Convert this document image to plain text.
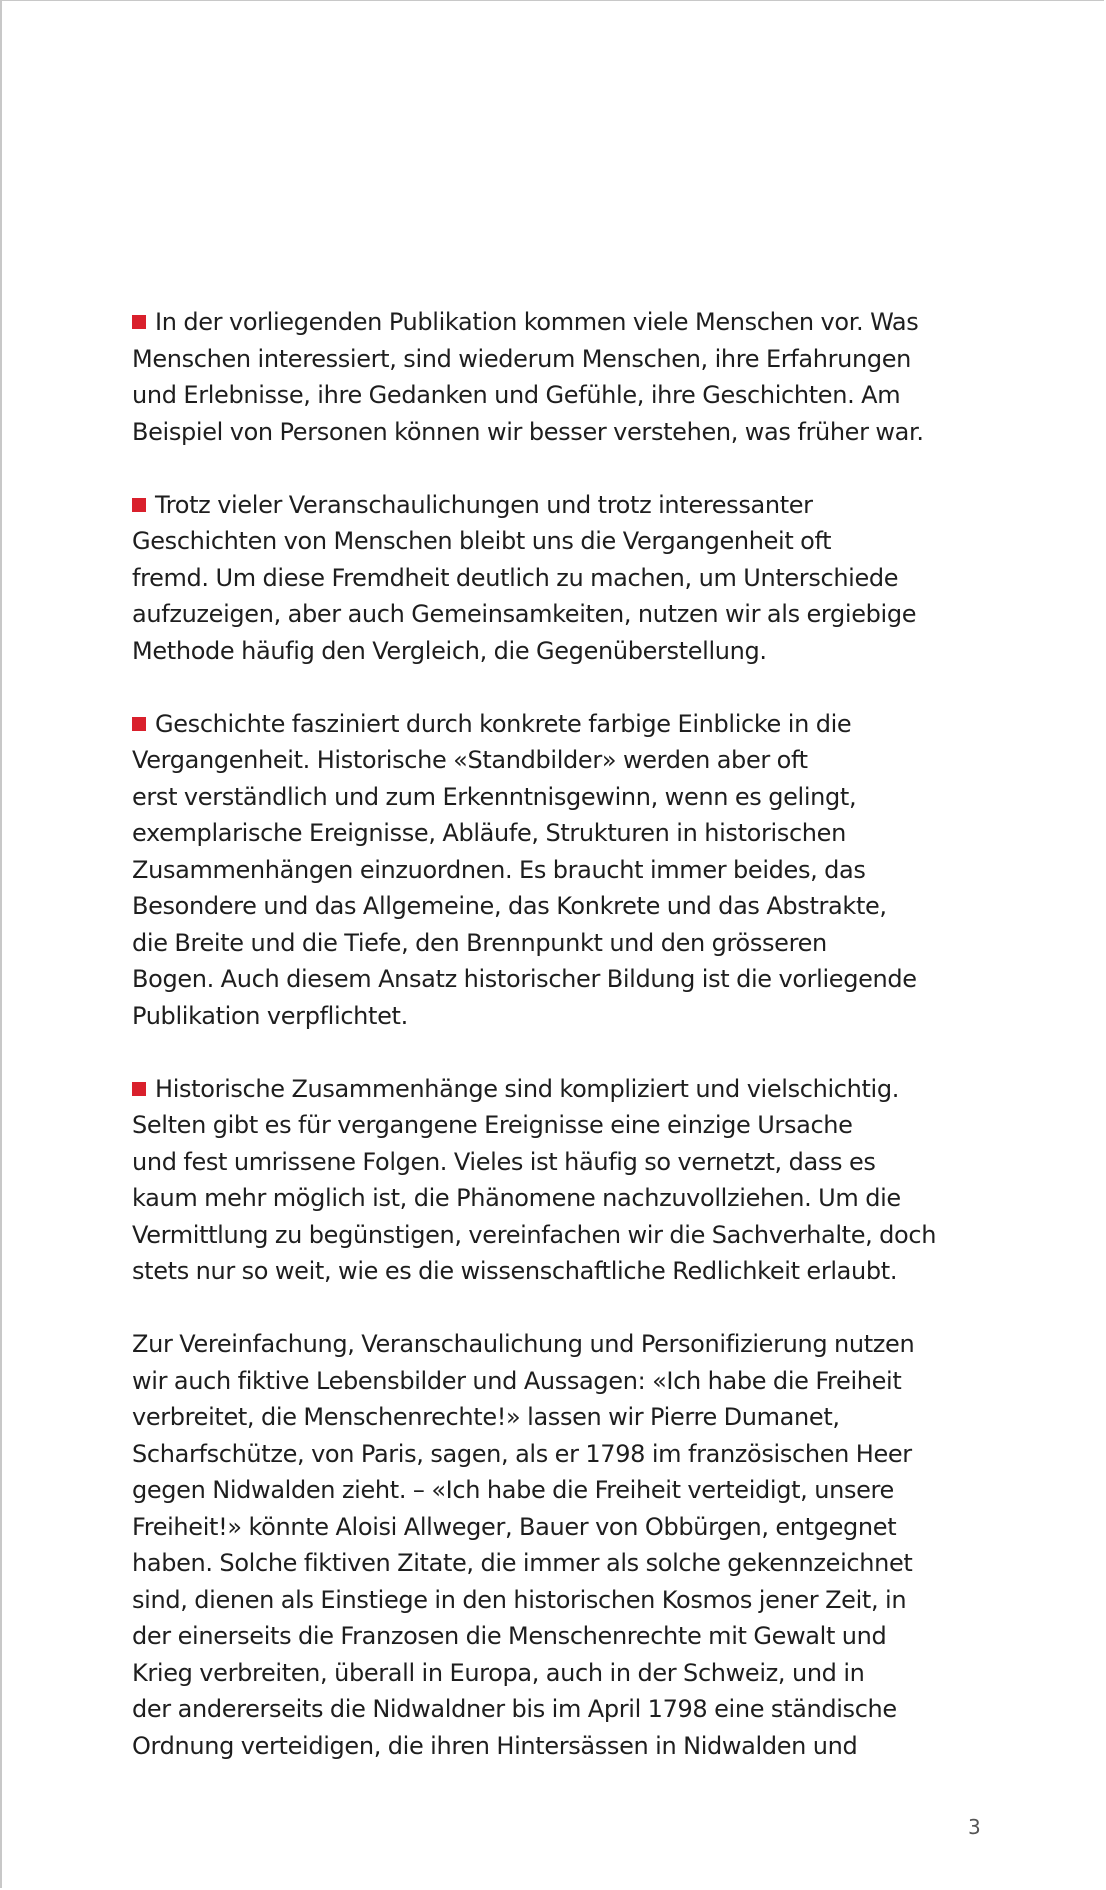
In der vorliegenden Publikation kommen viele Menschen vor. Was
Menschen interessiert, sind wiederum Menschen, ihre Erfahrungen
und Erlebnisse, ihre Gedanken und Gefühle, ihre Geschichten. Am
Beispiel von Personen können wir besser verstehen, was früher war.
Trotz vieler Veranschaulichungen und trotz interessanter
Geschichten von Menschen bleibt uns die Vergangenheit oft
fremd. Um diese Fremdheit deutlich zu machen, um Unterschiede
aufzuzeigen, aber auch Gemeinsamkeiten, nutzen wir als ergiebige
Methode häufig den Vergleich, die Gegenüberstellung.
Geschichte fasziniert durch konkrete farbige Einblicke in die
Vergangenheit. Historische «Standbilder» werden aber oft
erst verständlich und zum Erkenntnisgewinn, wenn es gelingt,
exemplarische Ereignisse, Abläufe, Strukturen in historischen
Zusammenhängen einzuordnen. Es braucht immer beides, das
Besondere und das Allgemeine, das Konkrete und das Abstrakte,
die Breite und die Tiefe, den Brennpunkt und den grösseren
Bogen. Auch diesem Ansatz historischer Bildung ist die vorliegende
Publikation verpflichtet.
Historische Zusammenhänge sind kompliziert und vielschichtig.
Selten gibt es für vergangene Ereignisse eine einzige Ursache
und fest umrissene Folgen. Vieles ist häufig so vernetzt, dass es
kaum mehr möglich ist, die Phänomene nachzuvollziehen. Um die
Vermittlung zu begünstigen, vereinfachen wir die Sachverhalte, doch
stets nur so weit, wie es die wissenschaftliche Redlichkeit erlaubt.
Zur Vereinfachung, Veranschaulichung und Personifizierung nutzen
wir auch fiktive Lebensbilder und Aussagen: «Ich habe die Freiheit
verbreitet, die Menschenrechte!» lassen wir Pierre Dumanet,
Scharfschütze, von Paris, sagen, als er 1798 im französischen Heer
gegen Nidwalden zieht. – «Ich habe die Freiheit verteidigt, unsere
Freiheit!» könnte Aloisi Allweger, Bauer von Obbürgen, entgegnet
haben. Solche fiktiven Zitate, die immer als solche gekennzeichnet
sind, dienen als Einstiege in den historischen Kosmos jener Zeit, in
der einerseits die Franzosen die Menschenrechte mit Gewalt und
Krieg verbreiten, überall in Europa, auch in der Schweiz, und in
der andererseits die Nidwaldner bis im April 1798 eine ständische
Ordnung verteidigen, die ihren Hintersässen in Nidwalden und
3
